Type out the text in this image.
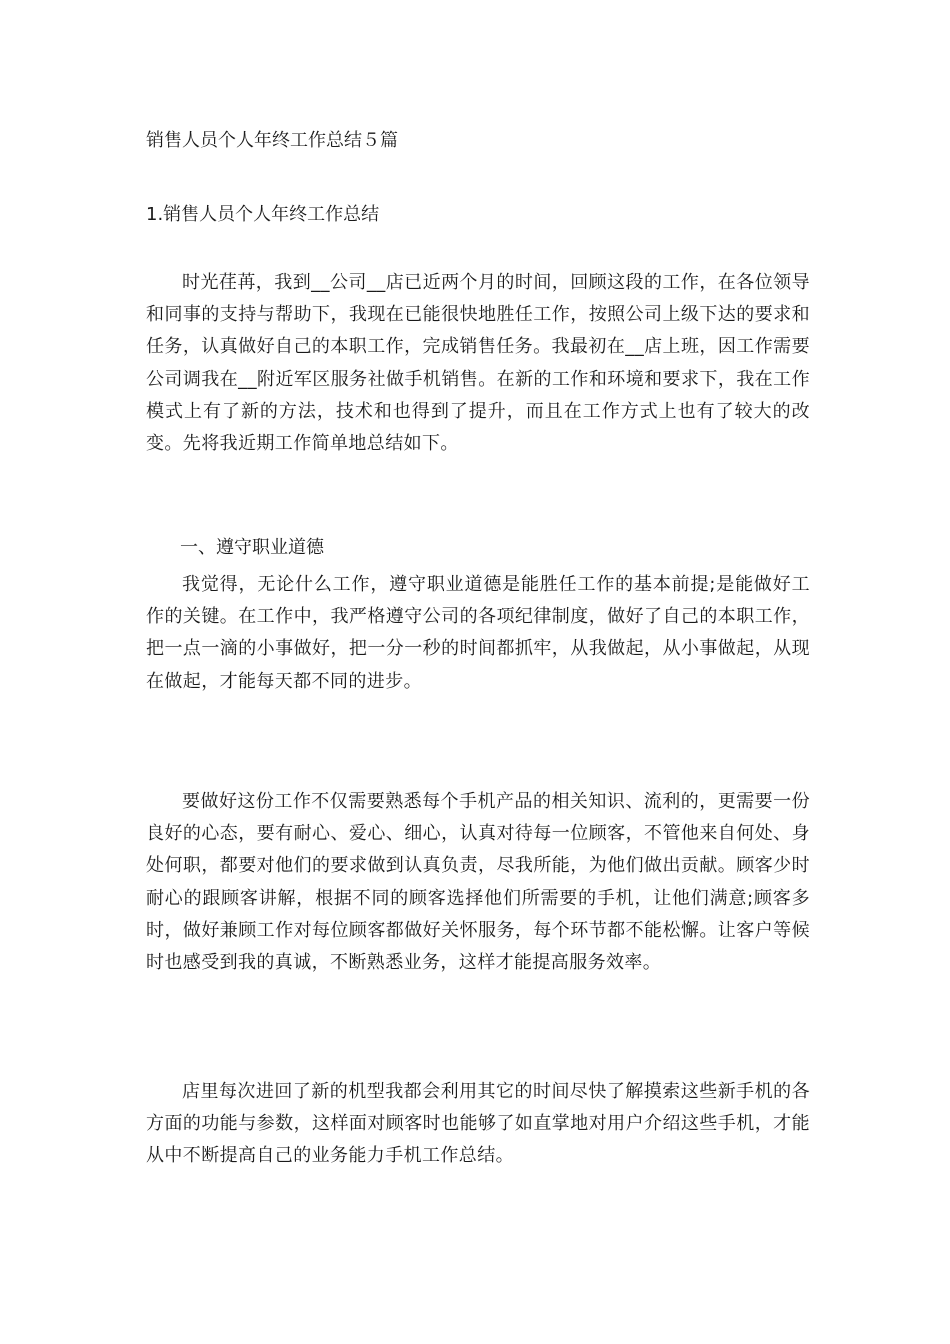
销售人员个人年终工作总结５篇
1.销售人员个人年终工作总结

时光荏苒，我到__公司__店已近两个月的时间，回顾这段的工作，在各位领导和同事的支持与帮助下，我现在已能很快地胜任工作，按照公司上级下达的要求和任务，认真做好自己的本职工作，完成销售任务。我最初在__店上班，因工作需要公司调我在__附近军区服务社做手机销售。在新的工作和环境和要求下，我在工作模式上有了新的方法，技术和也得到了提升，而且在工作方式上也有了较大的改变。先将我近期工作简单地总结如下。

一、遵守职业道德

我觉得，无论什么工作，遵守职业道德是能胜任工作的基本前提;是能做好工作的关键。在工作中，我严格遵守公司的各项纪律制度，做好了自己的本职工作，把一点一滴的小事做好，把一分一秒的时间都抓牢，从我做起，从小事做起，从现在做起，才能每天都不同的进步。

要做好这份工作不仅需要熟悉每个手机产品的相关知识、流利的，更需要一份良好的心态，要有耐心、爱心、细心，认真对待每一位顾客，不管他来自何处、身处何职，都要对他们的要求做到认真负责，尽我所能，为他们做出贡献。顾客少时耐心的跟顾客讲解，根据不同的顾客选择他们所需要的手机，让他们满意;顾客多时，做好兼顾工作对每位顾客都做好关怀服务，每个环节都不能松懈。让客户等候时也感受到我的真诚，不断熟悉业务，这样才能提高服务效率。

店里每次进回了新的机型我都会利用其它的时间尽快了解摸索这些新手机的各方面的功能与参数，这样面对顾客时也能够了如直掌地对用户介绍这些手机，才能从中不断提高自己的业务能力手机工作总结。
